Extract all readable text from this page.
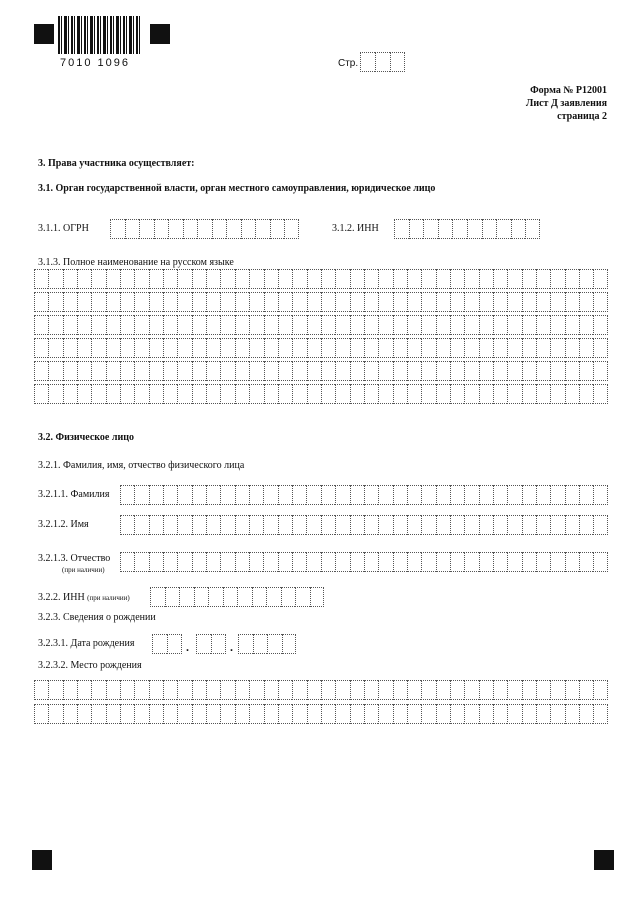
7010 1096	Стр.
Форма № Р12001
Лист Д заявления
страница 2
3. Права участника осуществляет:
3.1. Орган государственной власти, орган местного самоуправления, юридическое лицо
3.1.1. ОГРН	3.1.2. ИНН
3.1.3. Полное наименование на русском языке
3.2. Физическое лицо
3.2.1. Фамилия, имя, отчество физического лица
3.2.1.1. Фамилия
3.2.1.2. Имя
3.2.1.3. Отчество
(при наличии)
3.2.2. ИНН (при наличии)
3.2.3. Сведения о рождении
3.2.3.1. Дата рождения	.	.
3.2.3.2. Место рождения
